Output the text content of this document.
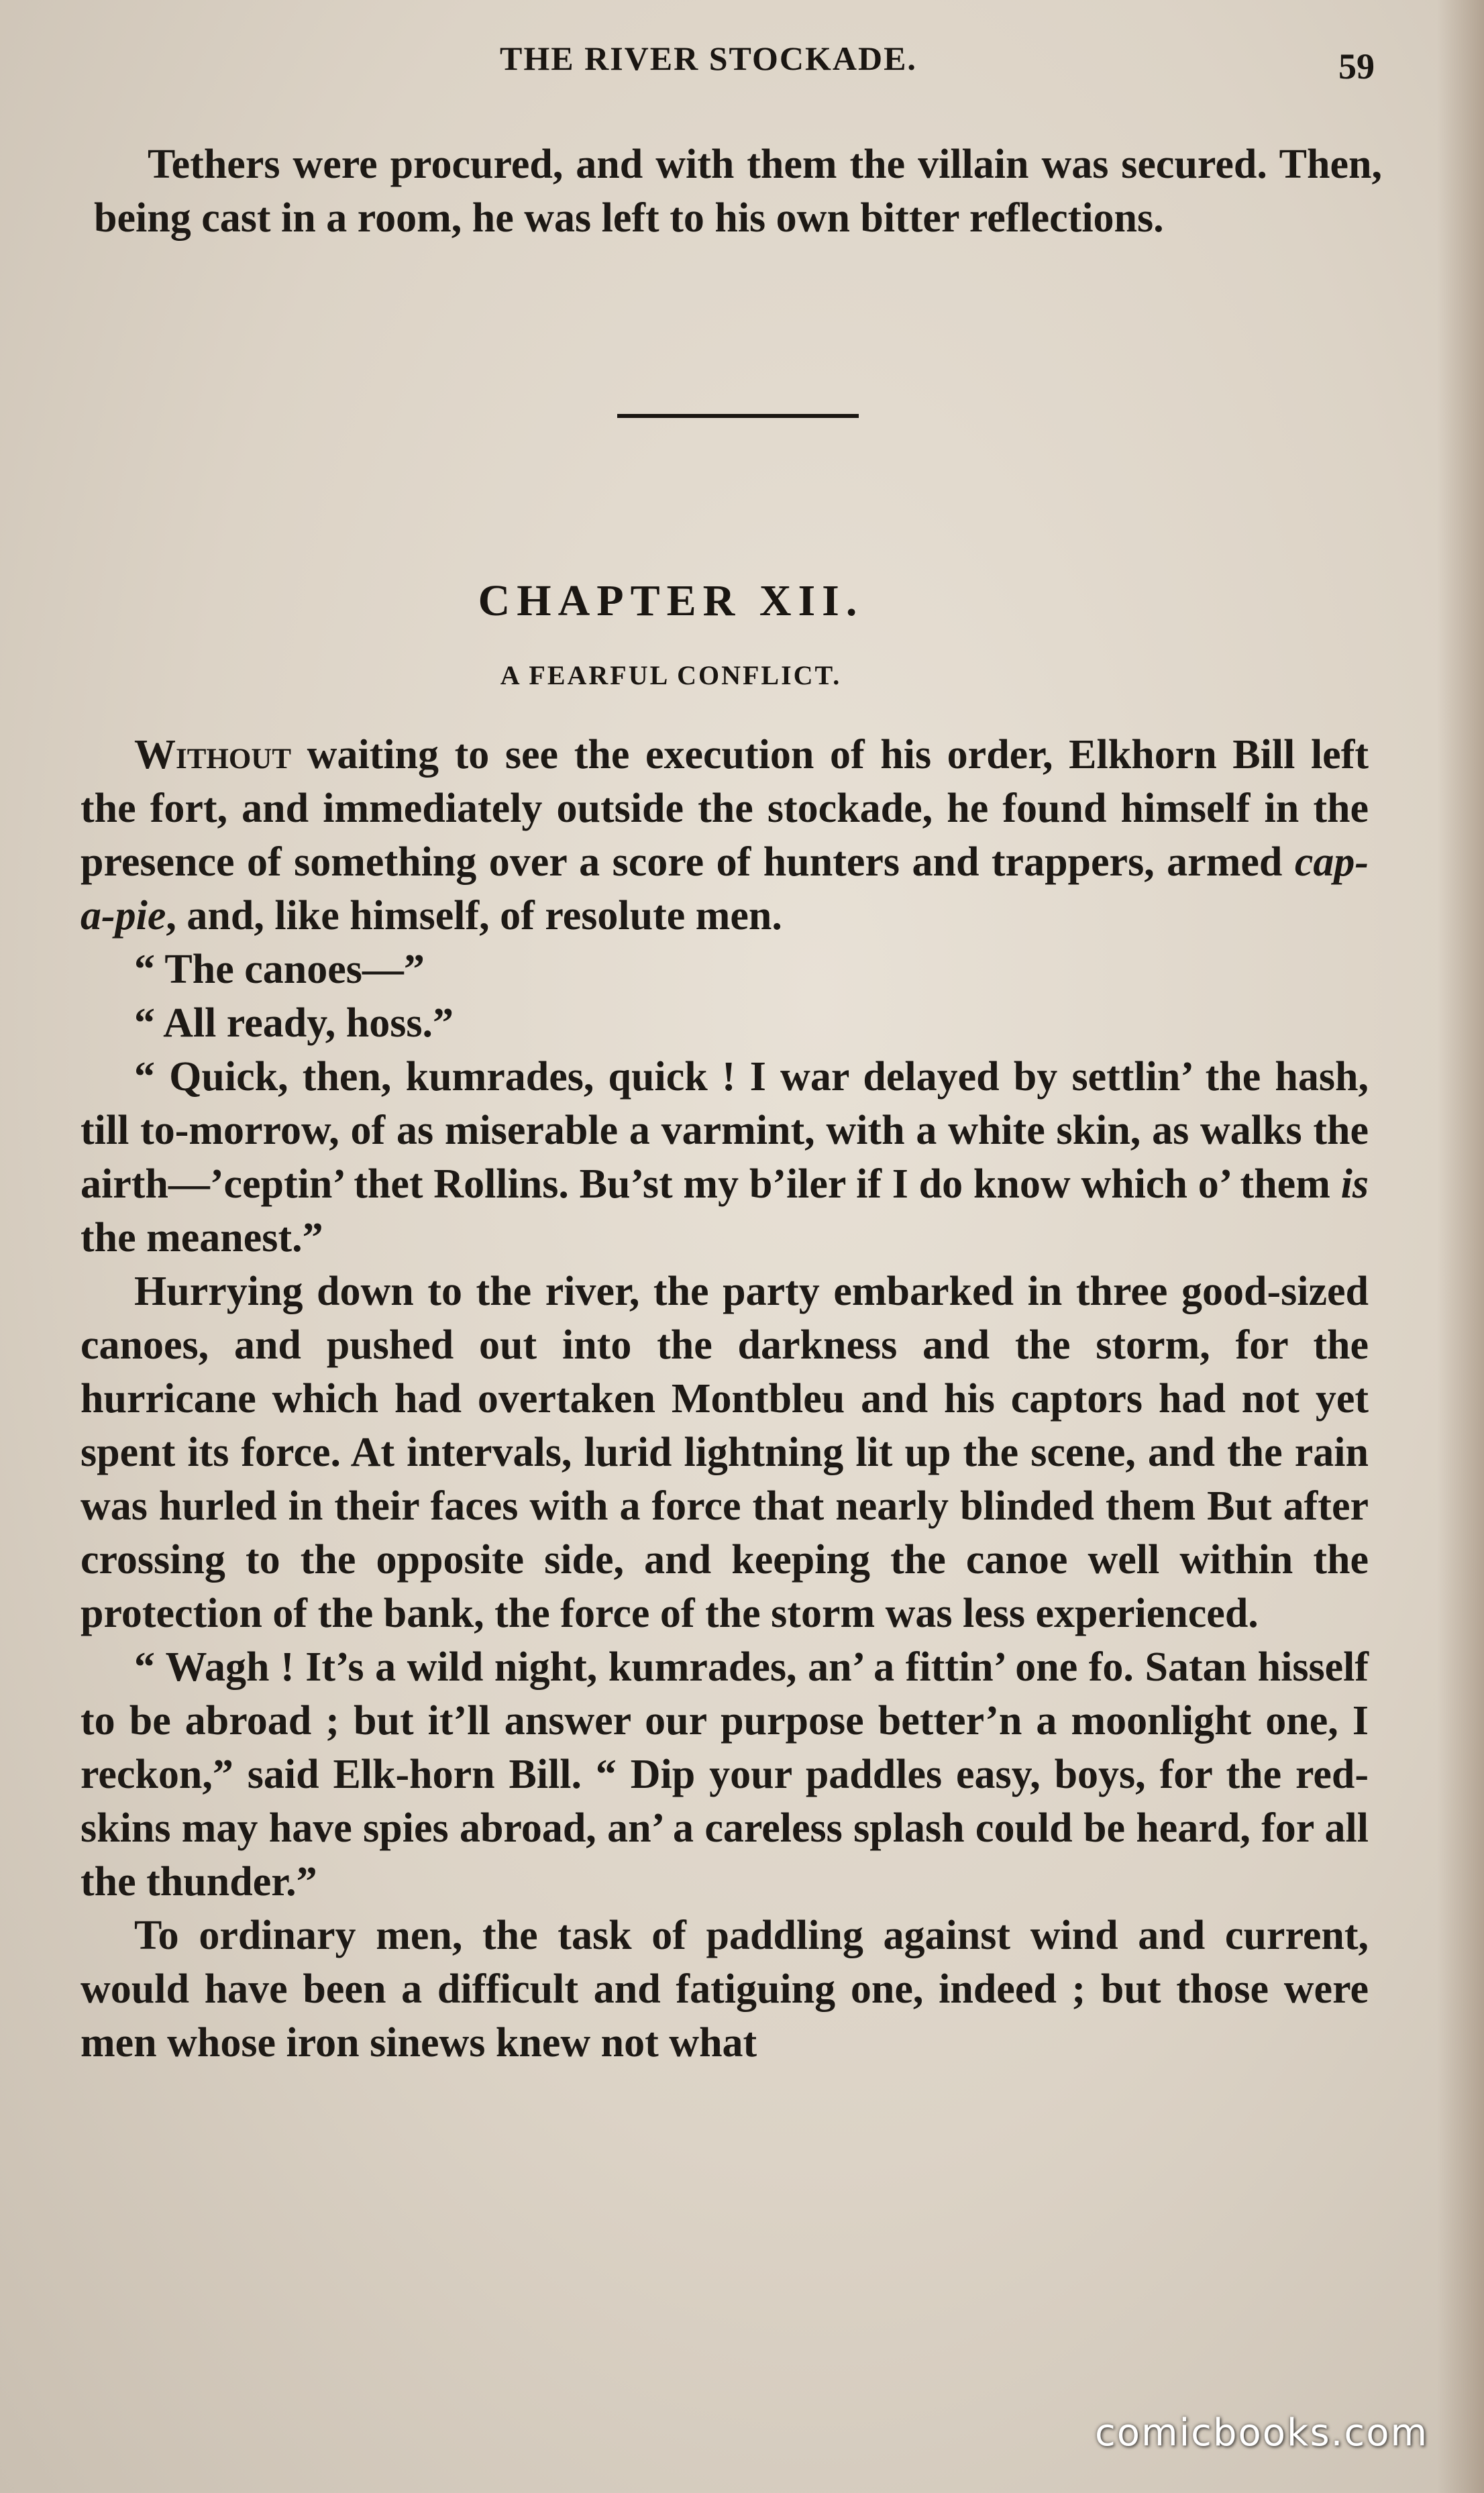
THE RIVER STOCKADE.	59

Tethers were procured, and with them the villain was secured. Then, being cast in a room, he was left to his own bitter reflections.

CHAPTER XII.
A FEARFUL CONFLICT.

Without waiting to see the execution of his order, Elkhorn Bill left the fort, and immediately outside the stockade, he found himself in the presence of something over a score of hunters and trappers, armed cap-a-pie, and, like himself, of resolute men.

“ The canoes—”

“ All ready, hoss.”

“ Quick, then, kumrades, quick ! I war delayed by settlin’ the hash, till to-morrow, of as miserable a varmint, with a white skin, as walks the airth—’ceptin’ thet Rollins. Bu’st my b’iler if I do know which o’ them is the meanest.”

Hurrying down to the river, the party embarked in three good-sized canoes, and pushed out into the darkness and the storm, for the hurricane which had overtaken Montbleu and his captors had not yet spent its force. At intervals, lurid lightning lit up the scene, and the rain was hurled in their faces with a force that nearly blinded them But after crossing to the opposite side, and keeping the canoe well within the protection of the bank, the force of the storm was less experienced.

“ Wagh ! It’s a wild night, kumrades, an’ a fittin’ one fo. Satan hisself to be abroad ; but it’ll answer our purpose better’n a moonlight one, I reckon,” said Elk-horn Bill. “ Dip your paddles easy, boys, for the red-skins may have spies abroad, an’ a careless splash could be heard, for all the thunder.”

To ordinary men, the task of paddling against wind and current, would have been a difficult and fatiguing one, indeed ; but those were men whose iron sinews knew not what

comicbooks.com
